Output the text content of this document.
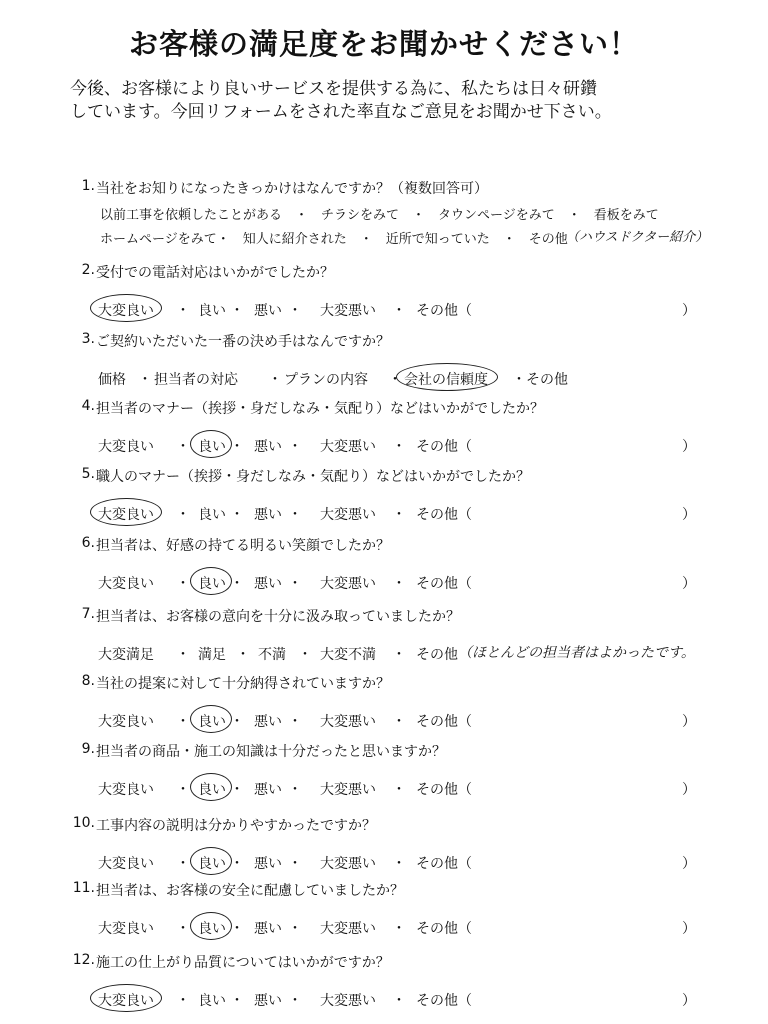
お客様の満足度をお聞かせください！
今後、お客様により良いサービスを提供する為に、私たちは日々研鑽
しています。今回リフォームをされた率直なご意見をお聞かせ下さい。
1. 当社をお知りになったきっかけはなんですか？（複数回答可）
以前工事を依頼したことがある　・　チラシをみて　・　タウンページをみて　・　看板をみて
ホームページをみて・　知人に紹介された　・　近所で知っていた　・　その他
（ハウスドクター紹介）
2. 受付での電話対応はいかがでしたか？
大変良い	良い 悪い	大変悪い	その他（
・	・	・	・	）
3. ご契約いただいた一番の決め手はなんですか？
価格 担当者の対応	プランの内容	会社の信頼度	その他
・	・	・	・
4. 担当者のマナー（挨拶・身だしなみ・気配り）などはいかがでしたか？
大変良い	良い 悪い	大変悪い	その他（
・	・	・	・	）
5. 職人のマナー（挨拶・身だしなみ・気配り）などはいかがでしたか？
大変良い	良い 悪い	大変悪い	その他（
・	・	・	・	）
6. 担当者は、好感の持てる明るい笑顔でしたか？
大変良い	良い 悪い	大変悪い	その他（
・	・	・	・	）
7. 担当者は、お客様の意向を十分に汲み取っていましたか？
大変満足	満足 不満 大変不満	その他
・	・	・	・	（ほとんどの担当者はよかったです。
8. 当社の提案に対して十分納得されていますか？
大変良い	良い 悪い	大変悪い	その他（
・	・	・	・	）
9. 担当者の商品・施工の知識は十分だったと思いますか？
大変良い	良い 悪い	大変悪い	その他（
・	・	・	・	）
10. 工事内容の説明は分かりやすかったですか？
大変良い	良い 悪い	大変悪い	その他（
・	・	・	・	）
11. 担当者は、お客様の安全に配慮していましたか？
大変良い	良い 悪い	大変悪い	その他（
・	・	・	・	）
12. 施工の仕上がり品質についてはいかがですか？
大変良い	良い 悪い	大変悪い	その他（
・	・	・	・	）
